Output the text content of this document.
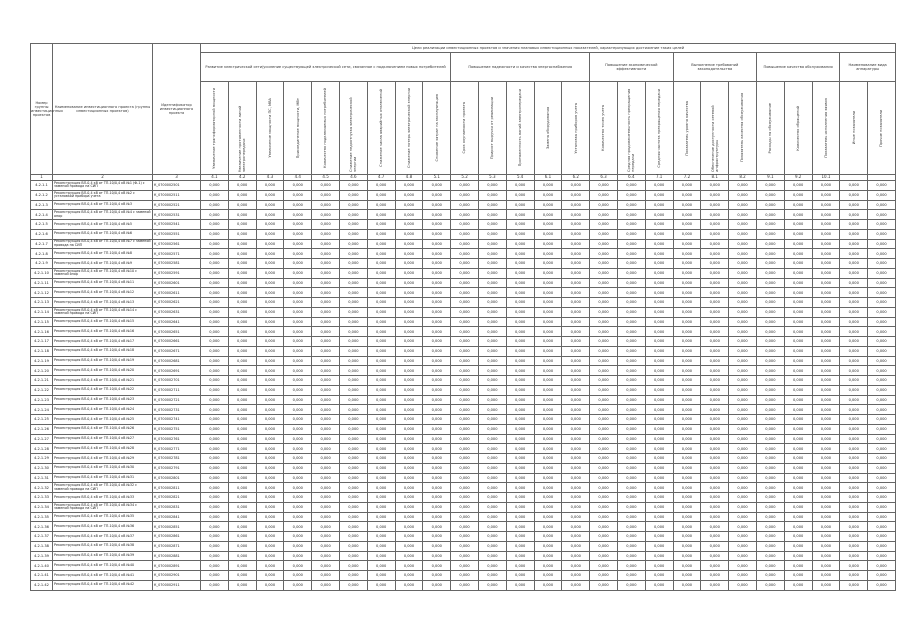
Номер группы инвестиционных проектов	Наименование инвестиционного проекта (группы инвестиционных проектов)	Идентификатор инвестиционного проекта	Цели реализации инвестиционных проектов и значения плановых инвестиционных показателей, характеризующих достижение таких целей																								
			Развитие электрической сети/усиление существующей электрической сети, связанное с подключением новых потребителей									Повышение надежности и качества энергоснабжения					Повышение экономической эффективности			Выполнение требований законодательства			Повышение качества обслуживания			Наименование вида аппаратуры	

			Увеличение трансформаторной мощности	Увеличение протяженности линий электропередачи	Увеличение мощности ПС, МВА	Присоединение мощности, МВт	Количество подключаемых потребителей	Снижение недоотпуска электрической энергии	Снижение числа аварийных отключений	Снижение потерь электрической энергии	Снижение затрат на эксплуатацию	Срок окупаемости проекта	Прирост выручки от реализации	Протяженность линий электропередачи	Замена оборудования	Установка приборов учета	Количество точек учета	Средняя продолжительность прекращения передачи	Средняя частота прекращения передачи	Показатель уровня качества	Обеспечение доступности сетевой инфраструктуры	Показатель качества обслуживания	Расходы на обслуживание	Количество обращений	Показатель исполнения заявок	Иные показатели	Прочие показатели

1	2	3	4.1	4.2	4.3	4.4	4.5	4.6	4.7	4.8	5.1	5.2	5.3	5.4	6.1	6.2	6.3	6.4	7.1	7.2	8.1	8.2	9.1	9.2	10.1		
4.2.1.1	Реконструкция ВЛ-0,4 кВ от ТП-10/0,4 кВ №1 (Ф-1) с заменой провода на СИП	К_0700002501	0,000	0,000	0,000	0,000	0,000	0,000	0,000	0,000	0,000	0,000	0,000	0,000	0,000	0,000	0,000	0,000	0,000	0,000	0,000	0,000	0,000	0,000	0,000	0,000	0,000
4.2.1.2	Реконструкция ВЛ-0,4 кВ от ТП-10/0,4 кВ №2 с установкой прибора учета	К_0700002511	0,000	0,000	0,000	0,000	0,000	0,000	0,000	0,000	0,000	0,000	0,000	0,000	0,000	0,000	0,000	0,000	0,000	0,000	0,000	0,000	0,000	0,000	0,000	0,000	0,000
4.2.1.3	Реконструкция ВЛ-0,4 кВ от ТП-10/0,4 кВ №3	К_0700002521	0,000	0,000	0,000	0,000	0,000	0,000	0,000	0,000	0,000	0,000	0,000	0,000	0,000	0,000	0,000	0,000	0,000	0,000	0,000	0,000	0,000	0,000	0,000	0,000	0,000
4.2.1.4	Реконструкция ВЛ-0,4 кВ от ТП-10/0,4 кВ №4 с заменой опор	К_0700002531	0,000	0,000	0,000	0,000	0,000	0,000	0,000	0,000	0,000	0,000	0,000	0,000	0,000	0,000	0,000	0,000	0,000	0,000	0,000	0,000	0,000	0,000	0,000	0,000	0,000
4.2.1.5	Реконструкция ВЛ-0,4 кВ от ТП-10/0,4 кВ №5	К_0700002541	0,000	0,000	0,000	0,000	0,000	0,000	0,000	0,000	0,000	0,000	0,000	0,000	0,000	0,000	0,000	0,000	0,000	0,000	0,000	0,000	0,000	0,000	0,000	0,000	0,000
4.2.1.6	Реконструкция ВЛ-0,4 кВ от ТП-10/0,4 кВ №6	К_0700002551	0,000	0,000	0,000	0,000	0,000	0,000	0,000	0,000	0,000	0,000	0,000	0,000	0,000	0,000	0,000	0,000	0,000	0,000	0,000	0,000	0,000	0,000	0,000	0,000	0,000
4.2.1.7	Реконструкция ВЛ-0,4 кВ от ТП-10/0,4 кВ №7 с заменой провода на СИП	К_0700002561	0,000	0,000	0,000	0,000	0,000	0,000	0,000	0,000	0,000	0,000	0,000	0,000	0,000	0,000	0,000	0,000	0,000	0,000	0,000	0,000	0,000	0,000	0,000	0,000	0,000
4.2.1.8	Реконструкция ВЛ-0,4 кВ от ТП-10/0,4 кВ №8	К_0700002571	0,000	0,000	0,000	0,000	0,000	0,000	0,000	0,000	0,000	0,000	0,000	0,000	0,000	0,000	0,000	0,000	0,000	0,000	0,000	0,000	0,000	0,000	0,000	0,000	0,000
4.2.1.9	Реконструкция ВЛ-0,4 кВ от ТП-10/0,4 кВ №9	К_0700002581	0,000	0,000	0,000	0,000	0,000	0,000	0,000	0,000	0,000	0,000	0,000	0,000	0,000	0,000	0,000	0,000	0,000	0,000	0,000	0,000	0,000	0,000	0,000	0,000	0,000
4.2.1.10	Реконструкция ВЛ-0,4 кВ от ТП-10/0,4 кВ №10 с заменой опор	К_0700002591	0,000	0,000	0,000	0,000	0,000	0,000	0,000	0,000	0,000	0,000	0,000	0,000	0,000	0,000	0,000	0,000	0,000	0,000	0,000	0,000	0,000	0,000	0,000	0,000	0,000
4.2.1.11	Реконструкция ВЛ-0,4 кВ от ТП-10/0,4 кВ №11	К_0700002601	0,000	0,000	0,000	0,000	0,000	0,000	0,000	0,000	0,000	0,000	0,000	0,000	0,000	0,000	0,000	0,000	0,000	0,000	0,000	0,000	0,000	0,000	0,000	0,000	0,000
4.2.1.12	Реконструкция ВЛ-0,4 кВ от ТП-10/0,4 кВ №12	К_0700002611	0,000	0,000	0,000	0,000	0,000	0,000	0,000	0,000	0,000	0,000	0,000	0,000	0,000	0,000	0,000	0,000	0,000	0,000	0,000	0,000	0,000	0,000	0,000	0,000	0,000
4.2.1.13	Реконструкция ВЛ-0,4 кВ от ТП-10/0,4 кВ №13	К_0700002621	0,000	0,000	0,000	0,000	0,000	0,000	0,000	0,000	0,000	0,000	0,000	0,000	0,000	0,000	0,000	0,000	0,000	0,000	0,000	0,000	0,000	0,000	0,000	0,000	0,000
4.2.1.14	Реконструкция ВЛ-0,4 кВ от ТП-10/0,4 кВ №14 с заменой провода на СИП	К_0700002631	0,000	0,000	0,000	0,000	0,000	0,000	0,000	0,000	0,000	0,000	0,000	0,000	0,000	0,000	0,000	0,000	0,000	0,000	0,000	0,000	0,000	0,000	0,000	0,000	0,000
4.2.1.15	Реконструкция ВЛ-0,4 кВ от ТП-10/0,4 кВ №15	К_0700002641	0,000	0,000	0,000	0,000	0,000	0,000	0,000	0,000	0,000	0,000	0,000	0,000	0,000	0,000	0,000	0,000	0,000	0,000	0,000	0,000	0,000	0,000	0,000	0,000	0,000
4.2.1.16	Реконструкция ВЛ-0,4 кВ от ТП-10/0,4 кВ №16	К_0700002651	0,000	0,000	0,000	0,000	0,000	0,000	0,000	0,000	0,000	0,000	0,000	0,000	0,000	0,000	0,000	0,000	0,000	0,000	0,000	0,000	0,000	0,000	0,000	0,000	0,000
4.2.1.17	Реконструкция ВЛ-0,4 кВ от ТП-10/0,4 кВ №17	К_0700002661	0,000	0,000	0,000	0,000	0,000	0,000	0,000	0,000	0,000	0,000	0,000	0,000	0,000	0,000	0,000	0,000	0,000	0,000	0,000	0,000	0,000	0,000	0,000	0,000	0,000
4.2.1.18	Реконструкция ВЛ-0,4 кВ от ТП-10/0,4 кВ №18	К_0700002671	0,000	0,000	0,000	0,000	0,000	0,000	0,000	0,000	0,000	0,000	0,000	0,000	0,000	0,000	0,000	0,000	0,000	0,000	0,000	0,000	0,000	0,000	0,000	0,000	0,000
4.2.1.19	Реконструкция ВЛ-0,4 кВ от ТП-10/0,4 кВ №19	К_0700002681	0,000	0,000	0,000	0,000	0,000	0,000	0,000	0,000	0,000	0,000	0,000	0,000	0,000	0,000	0,000	0,000	0,000	0,000	0,000	0,000	0,000	0,000	0,000	0,000	0,000
4.2.1.20	Реконструкция ВЛ-0,4 кВ от ТП-10/0,4 кВ №20	К_0700002691	0,000	0,000	0,000	0,000	0,000	0,000	0,000	0,000	0,000	0,000	0,000	0,000	0,000	0,000	0,000	0,000	0,000	0,000	0,000	0,000	0,000	0,000	0,000	0,000	0,000
4.2.1.21	Реконструкция ВЛ-0,4 кВ от ТП-10/0,4 кВ №21	К_0700002701	0,000	0,000	0,000	0,000	0,000	0,000	0,000	0,000	0,000	0,000	0,000	0,000	0,000	0,000	0,000	0,000	0,000	0,000	0,000	0,000	0,000	0,000	0,000	0,000	0,000
4.2.1.22	Реконструкция ВЛ-0,4 кВ от ТП-10/0,4 кВ №22	К_0700002711	0,000	0,000	0,000	0,000	0,000	0,000	0,000	0,000	0,000	0,000	0,000	0,000	0,000	0,000	0,000	0,000	0,000	0,000	0,000	0,000	0,000	0,000	0,000	0,000	0,000
4.2.1.23	Реконструкция ВЛ-0,4 кВ от ТП-10/0,4 кВ №23	К_0700002721	0,000	0,000	0,000	0,000	0,000	0,000	0,000	0,000	0,000	0,000	0,000	0,000	0,000	0,000	0,000	0,000	0,000	0,000	0,000	0,000	0,000	0,000	0,000	0,000	0,000
4.2.1.24	Реконструкция ВЛ-0,4 кВ от ТП-10/0,4 кВ №24	К_0700002731	0,000	0,000	0,000	0,000	0,000	0,000	0,000	0,000	0,000	0,000	0,000	0,000	0,000	0,000	0,000	0,000	0,000	0,000	0,000	0,000	0,000	0,000	0,000	0,000	0,000
4.2.1.25	Реконструкция ВЛ-0,4 кВ от ТП-10/0,4 кВ №25	К_0700002741	0,000	0,000	0,000	0,000	0,000	0,000	0,000	0,000	0,000	0,000	0,000	0,000	0,000	0,000	0,000	0,000	0,000	0,000	0,000	0,000	0,000	0,000	0,000	0,000	0,000
4.2.1.26	Реконструкция ВЛ-0,4 кВ от ТП-10/0,4 кВ №26	К_0700002751	0,000	0,000	0,000	0,000	0,000	0,000	0,000	0,000	0,000	0,000	0,000	0,000	0,000	0,000	0,000	0,000	0,000	0,000	0,000	0,000	0,000	0,000	0,000	0,000	0,000
4.2.1.27	Реконструкция ВЛ-0,4 кВ от ТП-10/0,4 кВ №27	К_0700002761	0,000	0,000	0,000	0,000	0,000	0,000	0,000	0,000	0,000	0,000	0,000	0,000	0,000	0,000	0,000	0,000	0,000	0,000	0,000	0,000	0,000	0,000	0,000	0,000	0,000
4.2.1.28	Реконструкция ВЛ-0,4 кВ от ТП-10/0,4 кВ №28	К_0700002771	0,000	0,000	0,000	0,000	0,000	0,000	0,000	0,000	0,000	0,000	0,000	0,000	0,000	0,000	0,000	0,000	0,000	0,000	0,000	0,000	0,000	0,000	0,000	0,000	0,000
4.2.1.29	Реконструкция ВЛ-0,4 кВ от ТП-10/0,4 кВ №29	К_0700002781	0,000	0,000	0,000	0,000	0,000	0,000	0,000	0,000	0,000	0,000	0,000	0,000	0,000	0,000	0,000	0,000	0,000	0,000	0,000	0,000	0,000	0,000	0,000	0,000	0,000
4.2.1.30	Реконструкция ВЛ-0,4 кВ от ТП-10/0,4 кВ №30	К_0700002791	0,000	0,000	0,000	0,000	0,000	0,000	0,000	0,000	0,000	0,000	0,000	0,000	0,000	0,000	0,000	0,000	0,000	0,000	0,000	0,000	0,000	0,000	0,000	0,000	0,000
4.2.1.31	Реконструкция ВЛ-0,4 кВ от ТП-10/0,4 кВ №31	К_0700002801	0,000	0,000	0,000	0,000	0,000	0,000	0,000	0,000	0,000	0,000	0,000	0,000	0,000	0,000	0,000	0,000	0,000	0,000	0,000	0,000	0,000	0,000	0,000	0,000	0,000
4.2.1.32	Реконструкция ВЛ-0,4 кВ от ТП-10/0,4 кВ №32 с заменой провода на СИП	К_0700002811	0,000	0,000	0,000	0,000	0,000	0,000	0,000	0,000	0,000	0,000	0,000	0,000	0,000	0,000	0,000	0,000	0,000	0,000	0,000	0,000	0,000	0,000	0,000	0,000	0,000
4.2.1.33	Реконструкция ВЛ-0,4 кВ от ТП-10/0,4 кВ №33	К_0700002821	0,000	0,000	0,000	0,000	0,000	0,000	0,000	0,000	0,000	0,000	0,000	0,000	0,000	0,000	0,000	0,000	0,000	0,000	0,000	0,000	0,000	0,000	0,000	0,000	0,000
4.2.1.34	Реконструкция ВЛ-0,4 кВ от ТП-10/0,4 кВ №34 с заменой провода на СИП	К_0700002831	0,000	0,000	0,000	0,000	0,000	0,000	0,000	0,000	0,000	0,000	0,000	0,000	0,000	0,000	0,000	0,000	0,000	0,000	0,000	0,000	0,000	0,000	0,000	0,000	0,000
4.2.1.35	Реконструкция ВЛ-0,4 кВ от ТП-10/0,4 кВ №35	К_0700002841	0,000	0,000	0,000	0,000	0,000	0,000	0,000	0,000	0,000	0,000	0,000	0,000	0,000	0,000	0,000	0,000	0,000	0,000	0,000	0,000	0,000	0,000	0,000	0,000	0,000
4.2.1.36	Реконструкция ВЛ-0,4 кВ от ТП-10/0,4 кВ №36	К_0700002851	0,000	0,000	0,000	0,000	0,000	0,000	0,000	0,000	0,000	0,000	0,000	0,000	0,000	0,000	0,000	0,000	0,000	0,000	0,000	0,000	0,000	0,000	0,000	0,000	0,000
4.2.1.37	Реконструкция ВЛ-0,4 кВ от ТП-10/0,4 кВ №37	К_0700002861	0,000	0,000	0,000	0,000	0,000	0,000	0,000	0,000	0,000	0,000	0,000	0,000	0,000	0,000	0,000	0,000	0,000	0,000	0,000	0,000	0,000	0,000	0,000	0,000	0,000
4.2.1.38	Реконструкция ВЛ-0,4 кВ от ТП-10/0,4 кВ №38	К_0700002871	0,000	0,000	0,000	0,000	0,000	0,000	0,000	0,000	0,000	0,000	0,000	0,000	0,000	0,000	0,000	0,000	0,000	0,000	0,000	0,000	0,000	0,000	0,000	0,000	0,000
4.2.1.39	Реконструкция ВЛ-0,4 кВ от ТП-10/0,4 кВ №39	К_0700002881	0,000	0,000	0,000	0,000	0,000	0,000	0,000	0,000	0,000	0,000	0,000	0,000	0,000	0,000	0,000	0,000	0,000	0,000	0,000	0,000	0,000	0,000	0,000	0,000	0,000
4.2.1.40	Реконструкция ВЛ-0,4 кВ от ТП-10/0,4 кВ №40	К_0700002891	0,000	0,000	0,000	0,000	0,000	0,000	0,000	0,000	0,000	0,000	0,000	0,000	0,000	0,000	0,000	0,000	0,000	0,000	0,000	0,000	0,000	0,000	0,000	0,000	0,000
4.2.1.41	Реконструкция ВЛ-0,4 кВ от ТП-10/0,4 кВ №41	К_0700002901	0,000	0,000	0,000	0,000	0,000	0,000	0,000	0,000	0,000	0,000	0,000	0,000	0,000	0,000	0,000	0,000	0,000	0,000	0,000	0,000	0,000	0,000	0,000	0,000	0,000
4.2.1.42	Реконструкция ВЛ-0,4 кВ от ТП-10/0,4 кВ №42	К_0700002911	0,000	0,000	0,000	0,000	0,000	0,000	0,000	0,000	0,000	0,000	0,000	0,000	0,000	0,000	0,000	0,000	0,000	0,000	0,000	0,000	0,000	0,000	0,000	0,000	0,000
